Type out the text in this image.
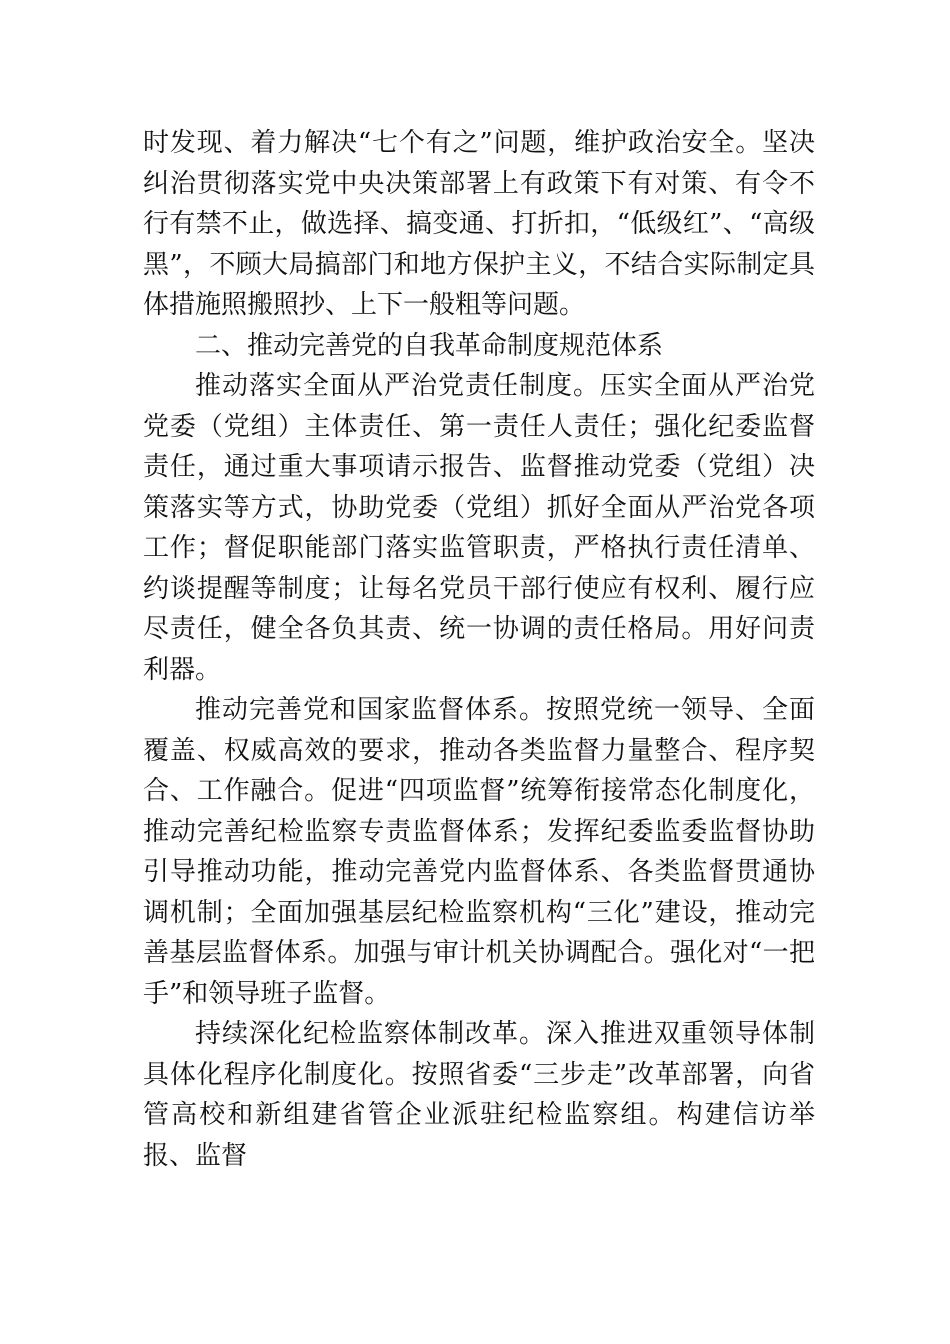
时发现、着力解决“七个有之”问题，维护政治安全。坚决纠治贯彻落实党中央决策部署上有政策下有对策、有令不行有禁不止，做选择、搞变通、打折扣，“低级红”、“高级黑”，不顾大局搞部门和地方保护主义，不结合实际制定具体措施照搬照抄、上下一般粗等问题。

二、推动完善党的自我革命制度规范体系

推动落实全面从严治党责任制度。压实全面从严治党党委（党组）主体责任、第一责任人责任；强化纪委监督责任，通过重大事项请示报告、监督推动党委（党组）决策落实等方式，协助党委（党组）抓好全面从严治党各项工作；督促职能部门落实监管职责，严格执行责任清单、约谈提醒等制度；让每名党员干部行使应有权利、履行应尽责任，健全各负其责、统一协调的责任格局。用好问责利器。

推动完善党和国家监督体系。按照党统一领导、全面覆盖、权威高效的要求，推动各类监督力量整合、程序契合、工作融合。促进“四项监督”统筹衔接常态化制度化，推动完善纪检监察专责监督体系；发挥纪委监委监督协助引导推动功能，推动完善党内监督体系、各类监督贯通协调机制；全面加强基层纪检监察机构“三化”建设，推动完善基层监督体系。加强与审计机关协调配合。强化对“一把手”和领导班子监督。

持续深化纪检监察体制改革。深入推进双重领导体制具体化程序化制度化。按照省委“三步走”改革部署，向省管高校和新组建省管企业派驻纪检监察组。构建信访举报、监督
